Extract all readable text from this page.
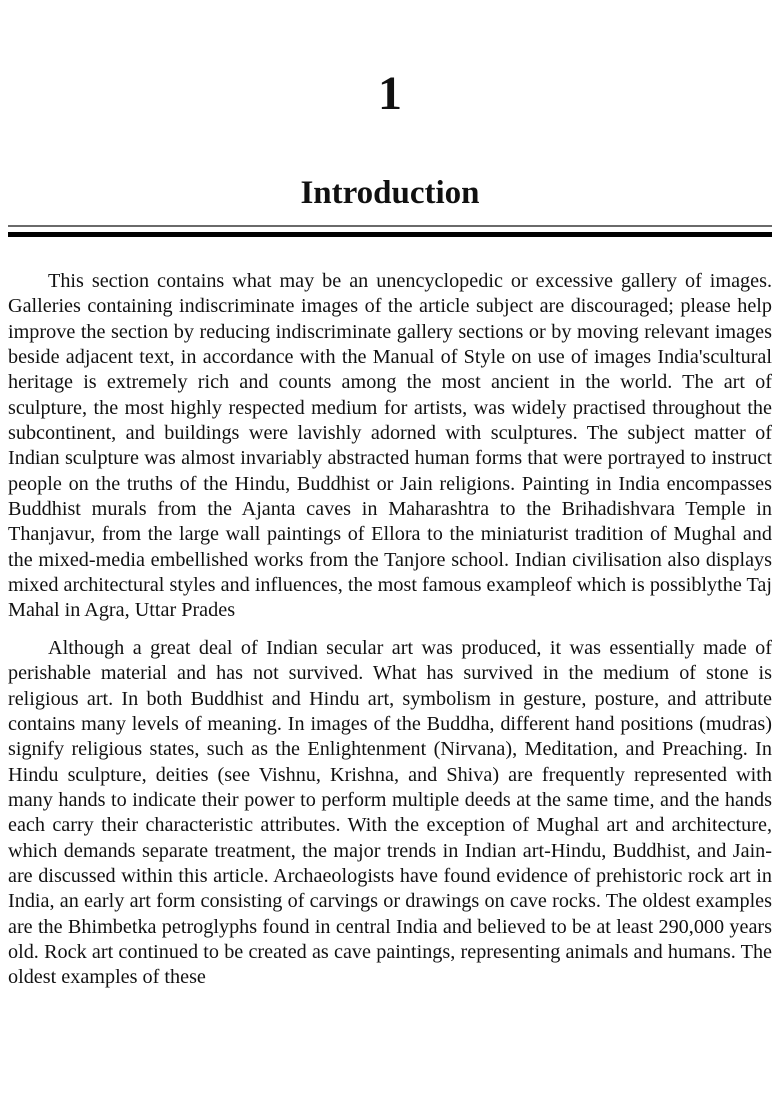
1
Introduction

This section contains what may be an unencyclopedic or excessive gallery of images. Galleries containing indiscriminate images of the article subject are discouraged; please help improve the section by reducing indiscriminate gallery sections or by moving relevant images beside adjacent text, in accordance with the Manual of Style on use of images India'scultural heritage is extremely rich and counts among the most ancient in the world. The art of sculpture, the most highly respected medium for artists, was widely practised throughout the subcontinent, and buildings were lavishly adorned with sculptures. The subject matter of Indian sculpture was almost invariably abstracted human forms that were portrayed to instruct people on the truths of the Hindu, Buddhist or Jain religions. Painting in India encompasses Buddhist murals from the Ajanta caves in Maharashtra to the Brihadishvara Temple in Thanjavur, from the large wall paintings of Ellora to the miniaturist tradition of Mughal and the mixed-media embellished works from the Tanjore school. Indian civilisation also displays mixed architectural styles and influences, the most famous exampleof which is possiblythe Taj Mahal in Agra, Uttar Prades

Although a great deal of Indian secular art was produced, it was essentially made of perishable material and has not survived. What has survived in the medium of stone is religious art. In both Buddhist and Hindu art, symbolism in gesture, posture, and attribute contains many levels of meaning. In images of the Buddha, different hand positions (mudras) signify religious states, such as the Enlightenment (Nirvana), Meditation, and Preaching. In Hindu sculpture, deities (see Vishnu, Krishna, and Shiva) are frequently represented with many hands to indicate their power to perform multiple deeds at the same time, and the hands each carry their characteristic attributes. With the exception of Mughal art and architecture, which demands separate treatment, the major trends in Indian art-Hindu, Buddhist, and Jain-are discussed within this article. Archaeologists have found evidence of prehistoric rock art in India, an early art form consisting of carvings or drawings on cave rocks. The oldest examples are the Bhimbetka petroglyphs found in central India and believed to be at least 290,000 years old. Rock art continued to be created as cave paintings, representing animals and humans. The oldest examples of these
